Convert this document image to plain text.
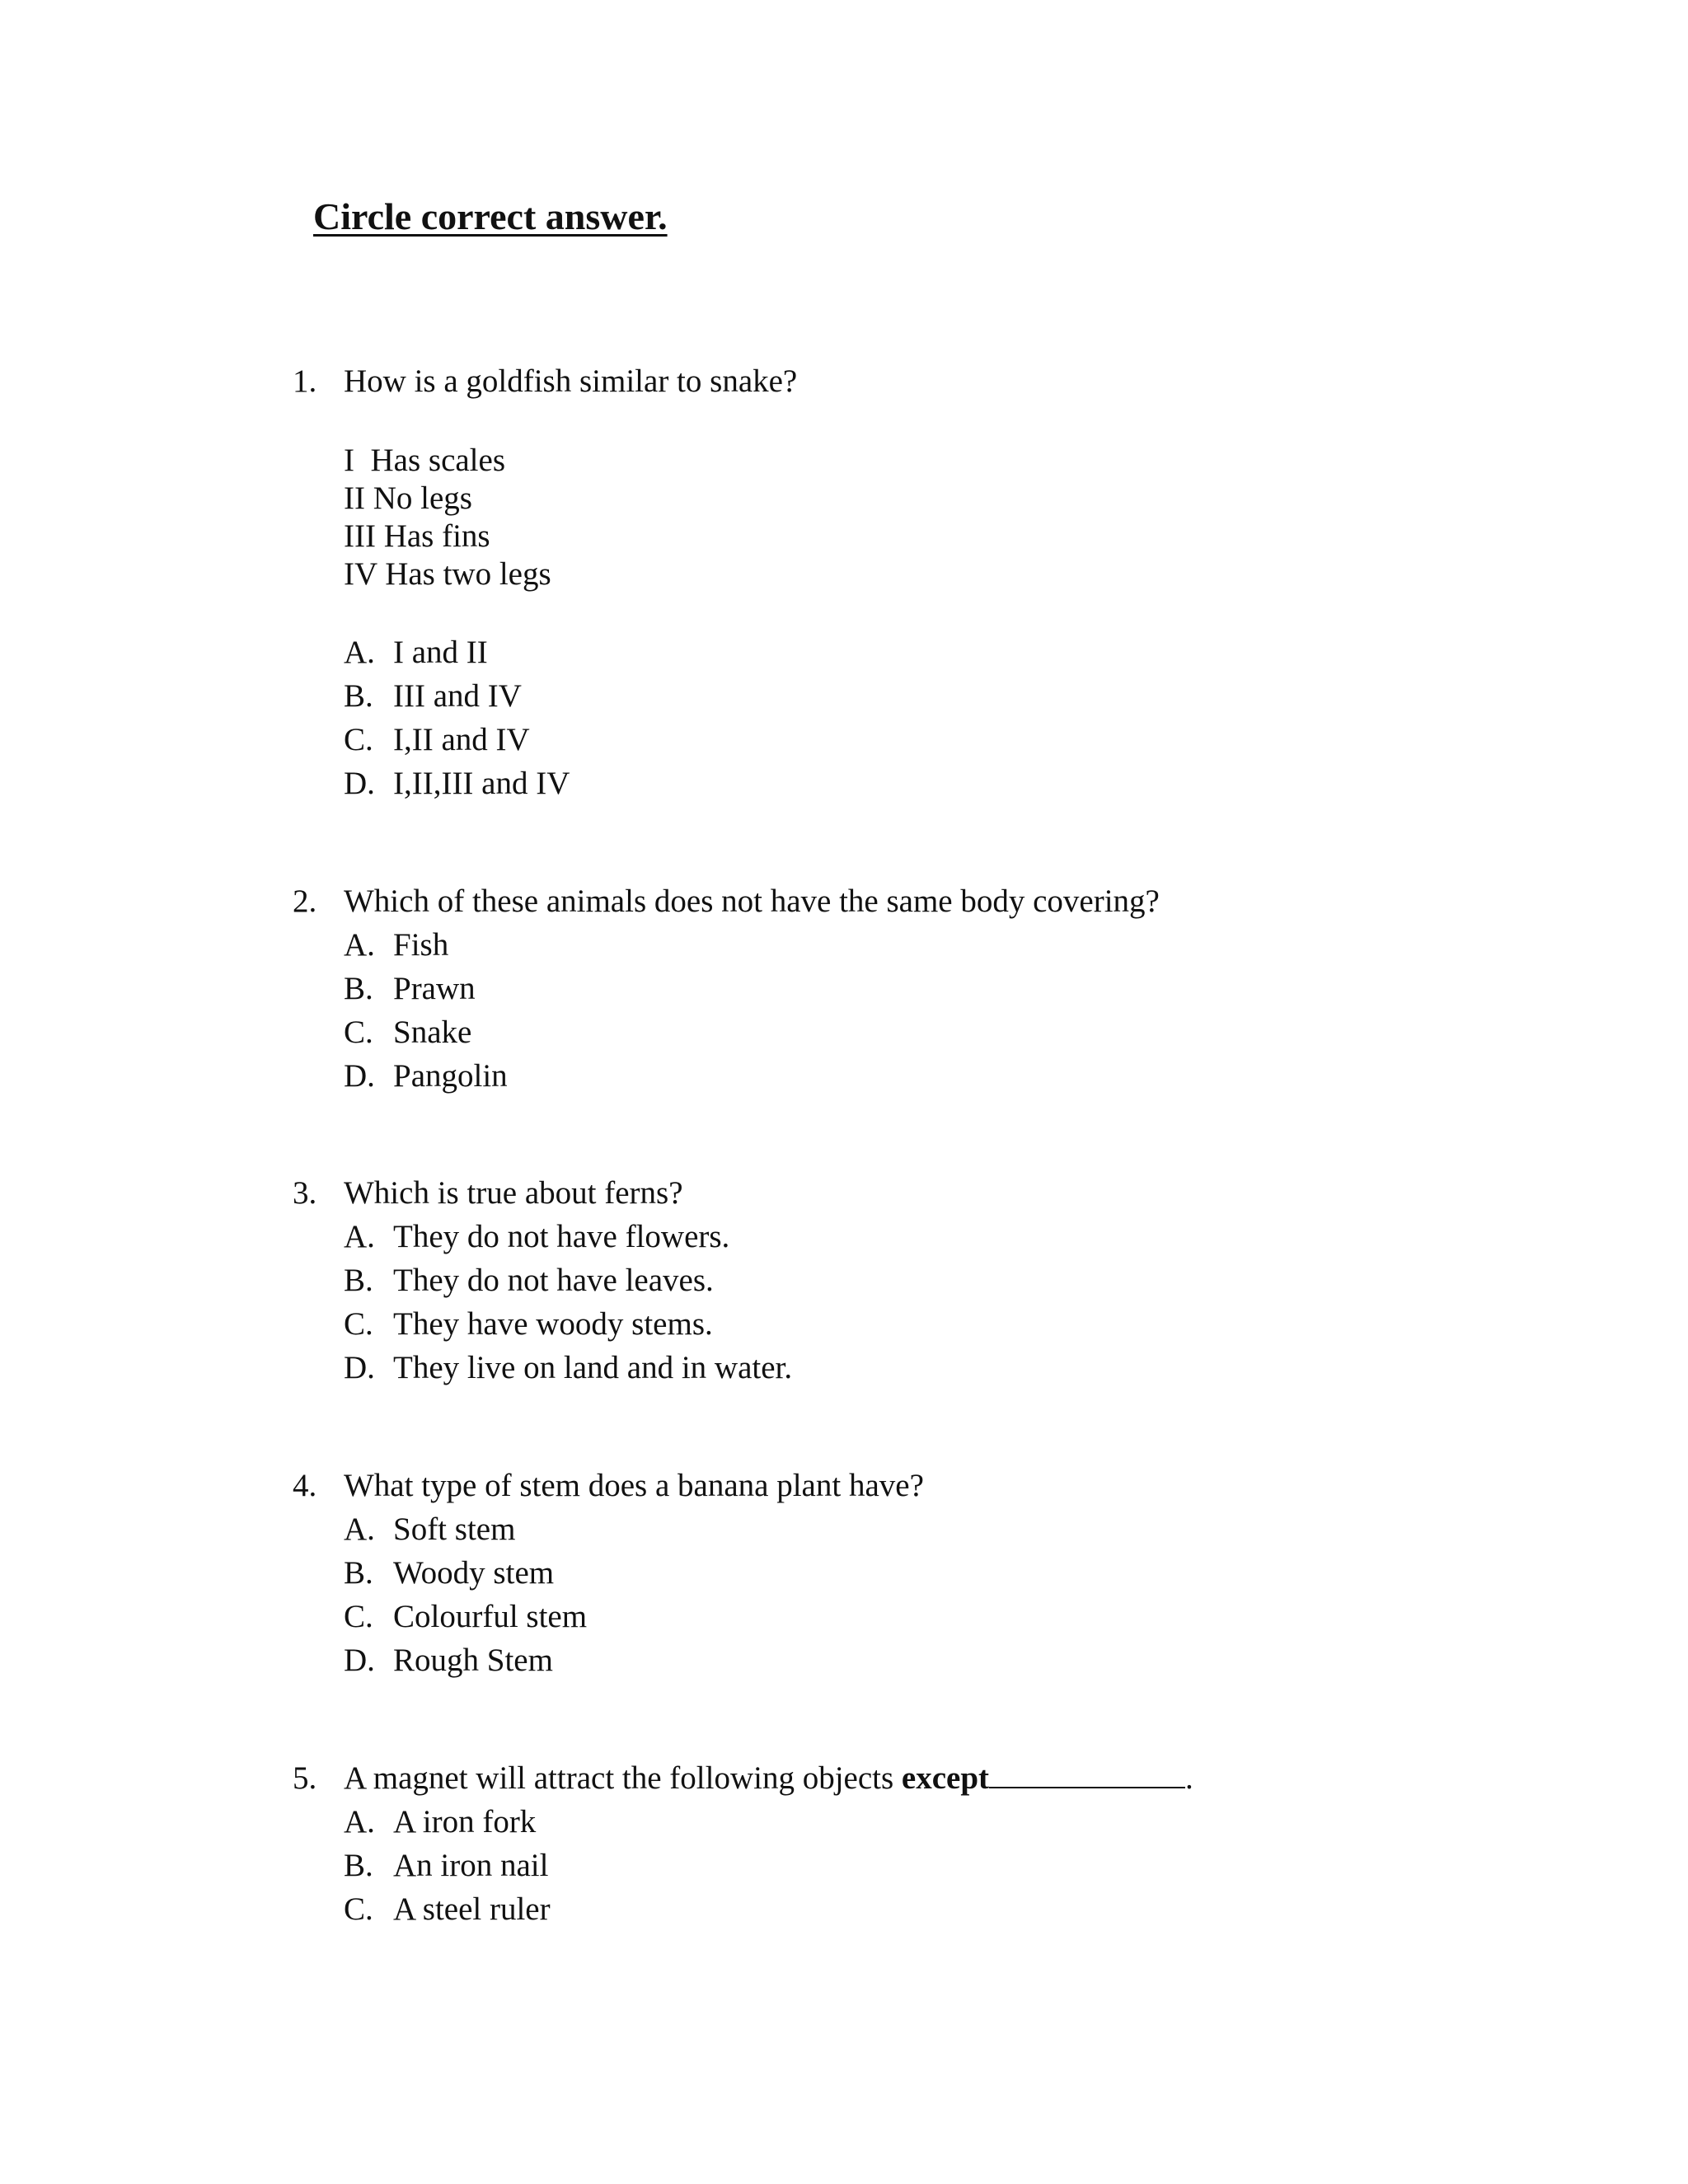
Circle correct answer.
1. How is a goldfish similar to snake?
I  Has scales
II No legs
III Has fins
IV Has two legs
A. I and II
B. III and IV
C. I,II and IV
D. I,II,III and IV
2. Which of these animals does not have the same body covering?
A. Fish
B. Prawn
C. Snake
D. Pangolin
3. Which is true about ferns?
A. They do not have flowers.
B. They do not have leaves.
C. They have woody stems.
D. They live on land and in water.
4. What type of stem does a banana plant have?
A. Soft stem
B. Woody stem
C. Colourful stem
D. Rough Stem
5. A magnet will attract the following objects except	.
A. A iron fork
B. An iron nail
C. A steel ruler
